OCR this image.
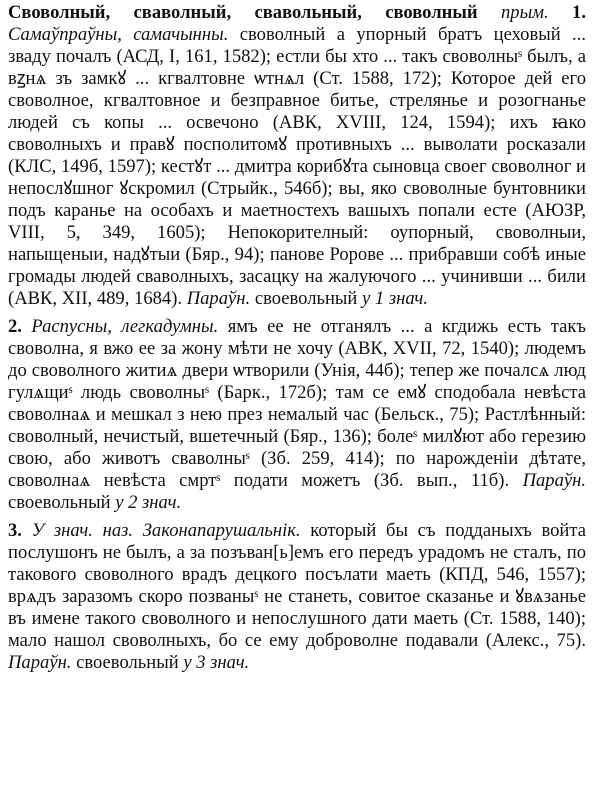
Своволный, сваволный, свавольный, своволный прым. 1. Самаўпраўны, самачынны. своволный а упорный братъ цеховый ... зваду почалъ (АСД, I, 161, 1582); естли бы хто ... такъ своволныˢ былъ, а вꙁнѧ зъ замкꙋ ... кгвалтовне ѡтнѧл (Ст. 1588, 172); Которое дей его своволное, кгвалтовное и безправное битье, стрелянье и розогнанье людей съ копы ... освечоно (АВК, XVIII, 124, 1594); ихъ ꙗко своволныхъ и правꙋ посполитомꙋ противныхъ ... выволати росказали (КЛС, 149б, 1597); кестꙋт ... дмитра корибꙋта сыновца своег своволног и непослꙋшног ꙋскромил (Стрыйк., 546б); вы, яко своволные бунтовники подъ каранье на особахъ и маетностехъ вашыхъ попали есте (АЮЗР, VIII, 5, 349, 1605); Непокорителный: оупорный, своволныи, напыщеныи, надꙋтыи (Бяр., 94); панове Ророве ... прибравши собѣ иные громады людей сваволныхъ, засацку на жалуючого ... учинивши ... били (АВК, XII, 489, 1684). Параўн. своевольный у 1 знач.

2. Распусны, легкадумны. ямъ ее не отганялъ ... а кгдижь есть такъ своволна, я вжо ее за жону мѣти не хочу (АВК, XVII, 72, 1540); людемъ до своволного житиѧ двери ѡтворили (Унія, 44б); тепер же почалсѧ люд гулѧщиˢ людь своволныˢ (Барк., 172б); там се емꙋ сподобала невѣста своволнаѧ и мешкал з нею през немалый час (Бельск., 75); Растлѣнный: своволный, нечистый, вшетечный (Бяр., 136); болеˢ милꙋют або герезию свою, або животъ сваволныˢ (Зб. 259, 414); по нарожденіи дѣтате, своволнаѧ невѣста смртˢ подати можетъ (Зб. вып., 11б). Параўн. своевольный у 2 знач.

3. У знач. наз. Законапарушальнік. который бы съ подданыхъ войта послушонъ не былъ, а за позъван[ь]емъ его передъ урадомъ не сталъ, по такового своволного врадъ децкого посълати маеть (КПД, 546, 1557); врѧдъ заразомъ скоро позваныˢ не станеть, совитое сказанье и ꙋвѧзанье въ имене такого своволного и непослушного дати маеть (Ст. 1588, 140); мало нашол своволныхъ, бо се ему доброволне подавали (Алекс., 75). Параўн. своевольный у 3 знач.
